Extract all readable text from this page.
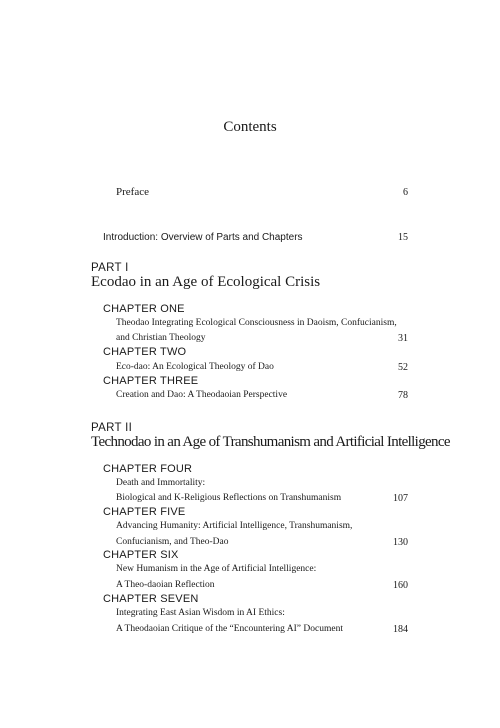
Contents
Preface	6
Introduction: Overview of Parts and Chapters	15
PART I
Ecodao in an Age of Ecological Crisis
CHAPTER ONE
Theodao Integrating Ecological Consciousness in Daoism, Confucianism,
and Christian Theology	31
CHAPTER TWO
Eco-dao: An Ecological Theology of Dao	52
CHAPTER THREE
Creation and Dao: A Theodaoian Perspective	78
PART II
Technodao in an Age of Transhumanism and Artificial Intelligence
CHAPTER FOUR
Death and Immortality:
Biological and K-Religious Reflections on Transhumanism	107
CHAPTER FIVE
Advancing Humanity: Artificial Intelligence, Transhumanism,
Confucianism, and Theo-Dao	130
CHAPTER SIX
New Humanism in the Age of Artificial Intelligence:
A Theo-daoian Reflection	160
CHAPTER SEVEN
Integrating East Asian Wisdom in AI Ethics:
A Theodaoian Critique of the “Encountering AI” Document	184
